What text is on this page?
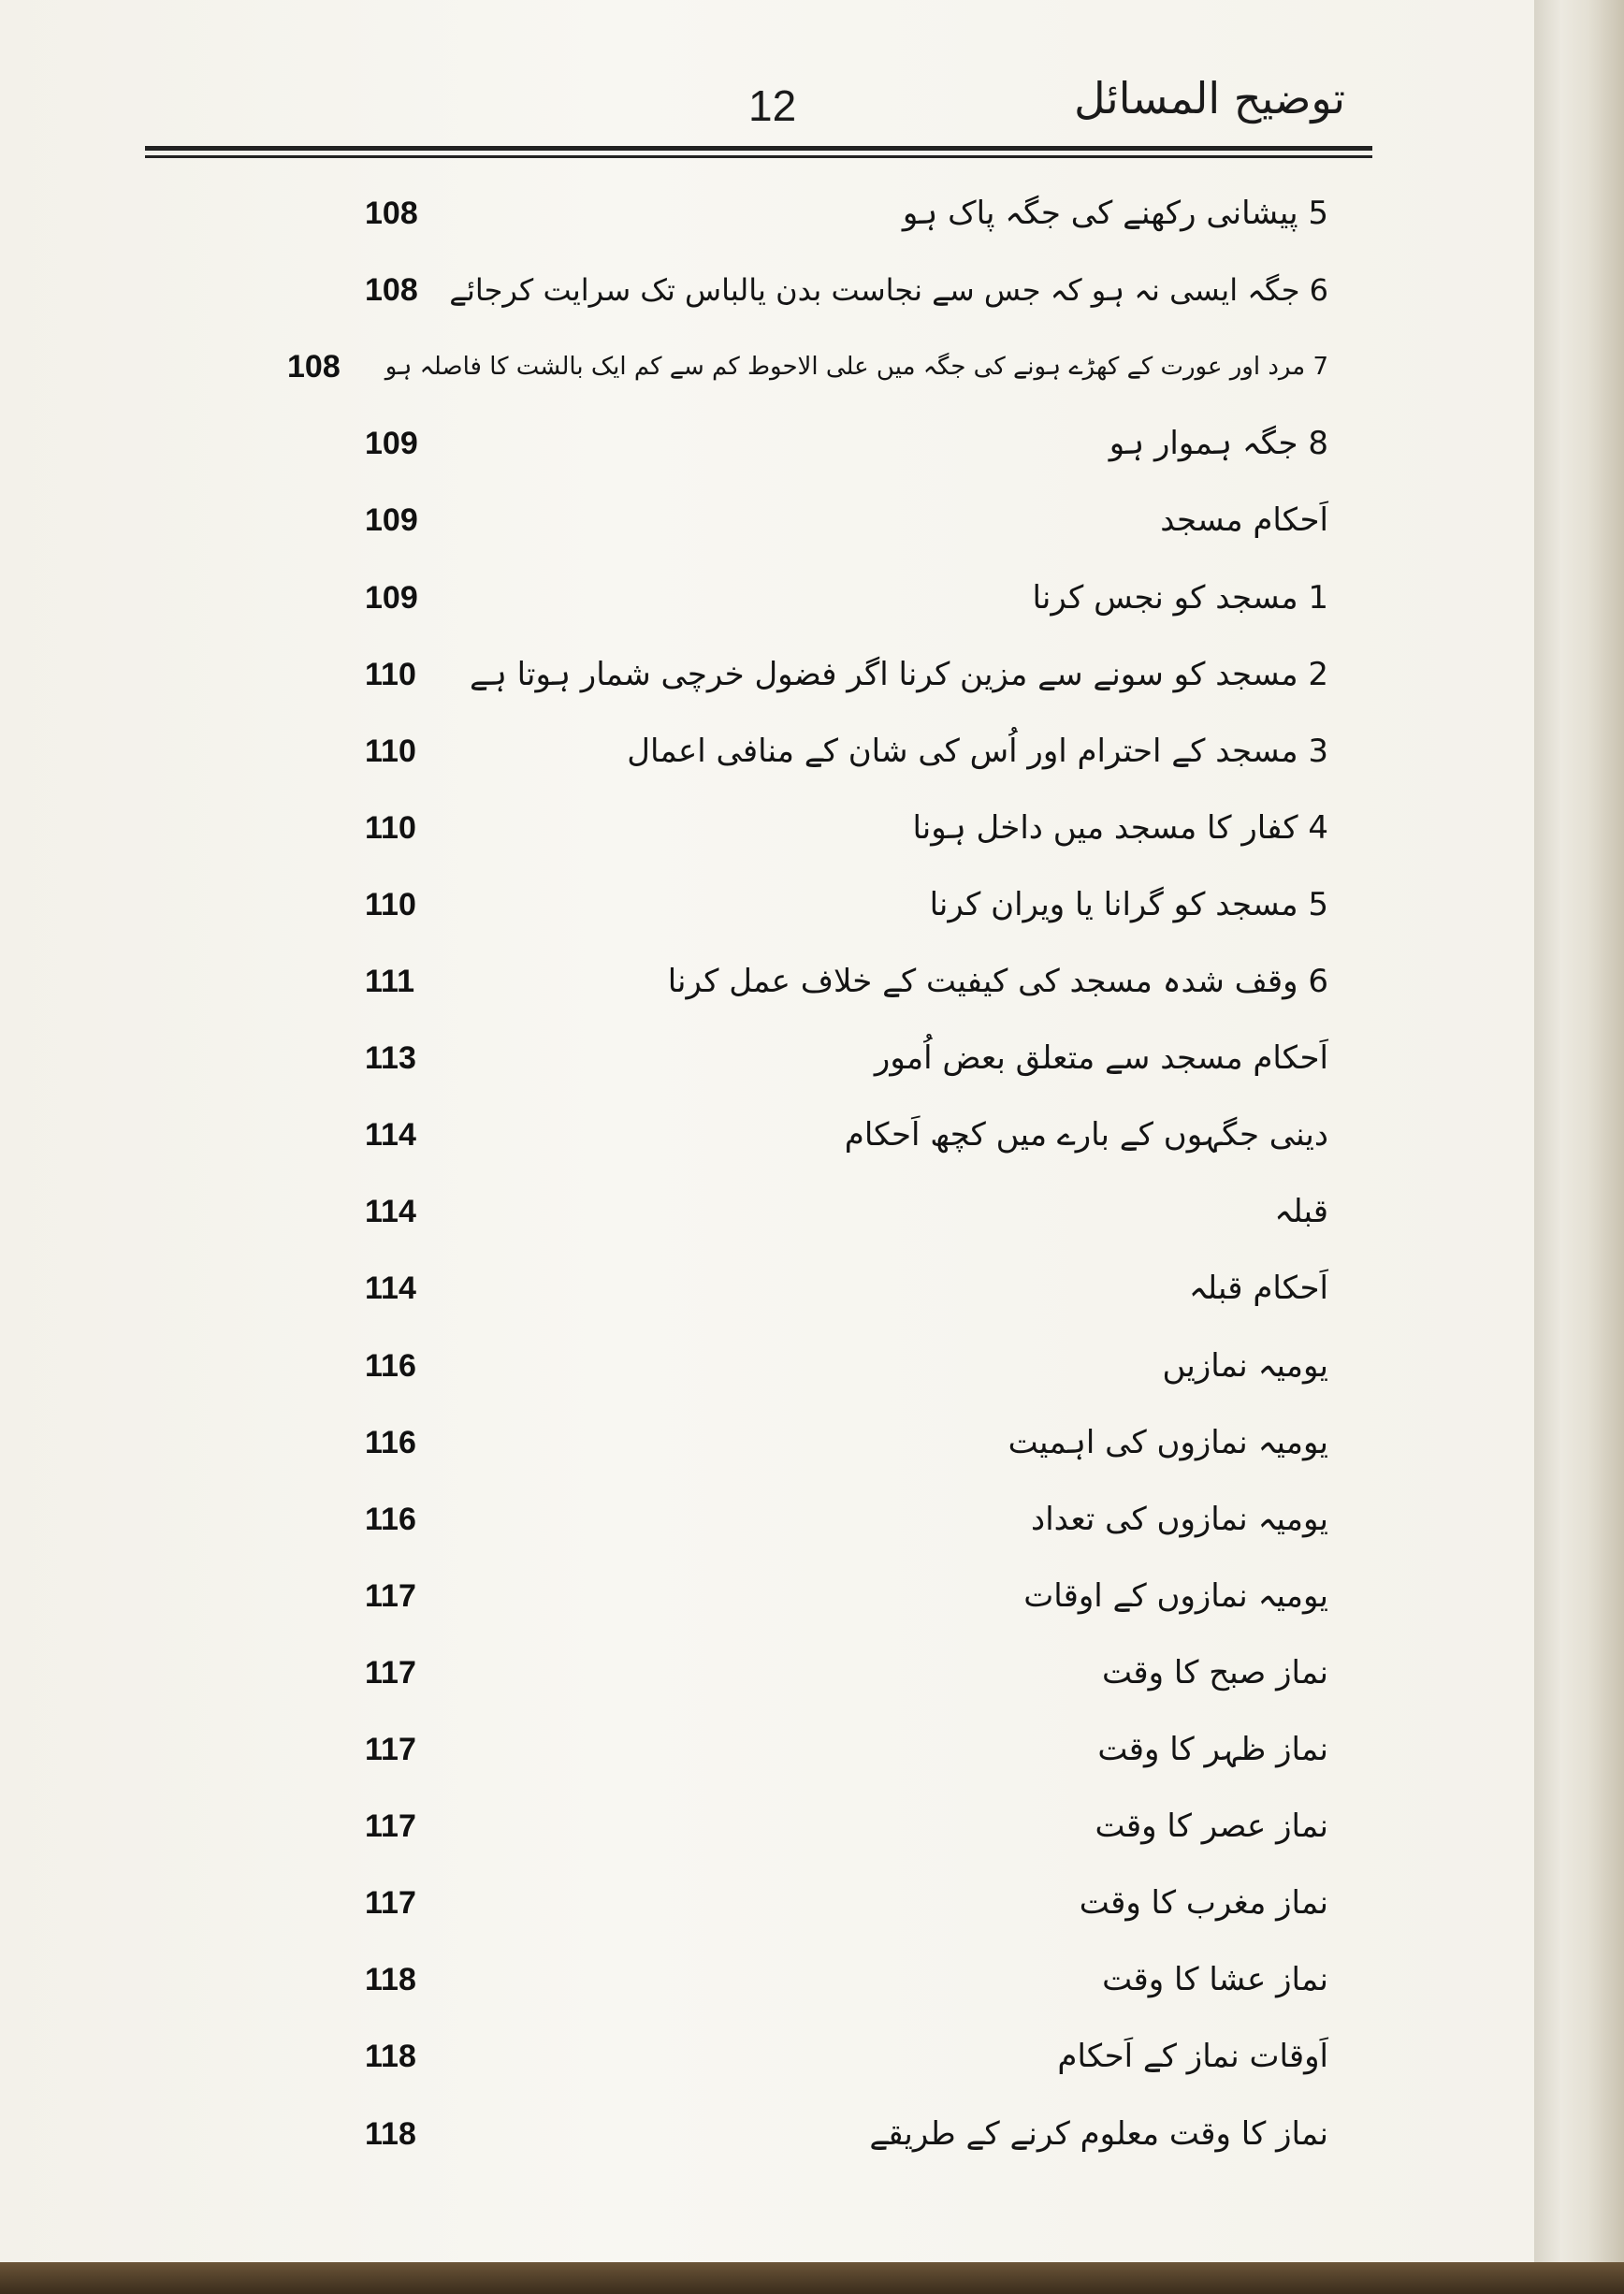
توضیح المسائل
12
5 پیشانی رکھنے کی جگہ پاک ہو
108
6 جگہ ایسی نہ ہو کہ جس سے نجاست بدن یالباس تک سرایت کرجائے
108
7 مرد اور عورت کے کھڑے ہونے کی جگہ میں علی الاحوط کم سے کم ایک بالشت کا فاصلہ ہو
108
8 جگہ ہموار ہو
109
اَحکام مسجد
109
1 مسجد کو نجس کرنا
109
2 مسجد کو سونے سے مزین کرنا اگر فضول خرچی شمار ہوتا ہے
110
3 مسجد کے احترام اور اُس کی شان کے منافی اعمال
110
4 کفار کا مسجد میں داخل ہونا
110
5 مسجد کو گرانا یا ویران کرنا
110
6 وقف شدہ مسجد کی کیفیت کے خلاف عمل کرنا
111
اَحکام مسجد سے متعلق بعض اُمور
113
دینی جگہوں کے بارے میں کچھ اَحکام
114
قبلہ
114
اَحکام قبلہ
114
یومیہ نمازیں
116
یومیہ نمازوں کی اہمیت
116
یومیہ نمازوں کی تعداد
116
یومیہ نمازوں کے اوقات
117
نماز صبح کا وقت
117
نماز ظہر کا وقت
117
نماز عصر کا وقت
117
نماز مغرب کا وقت
117
نماز عشا کا وقت
118
اَوقات نماز کے اَحکام
118
نماز کا وقت معلوم کرنے کے طریقے
118
